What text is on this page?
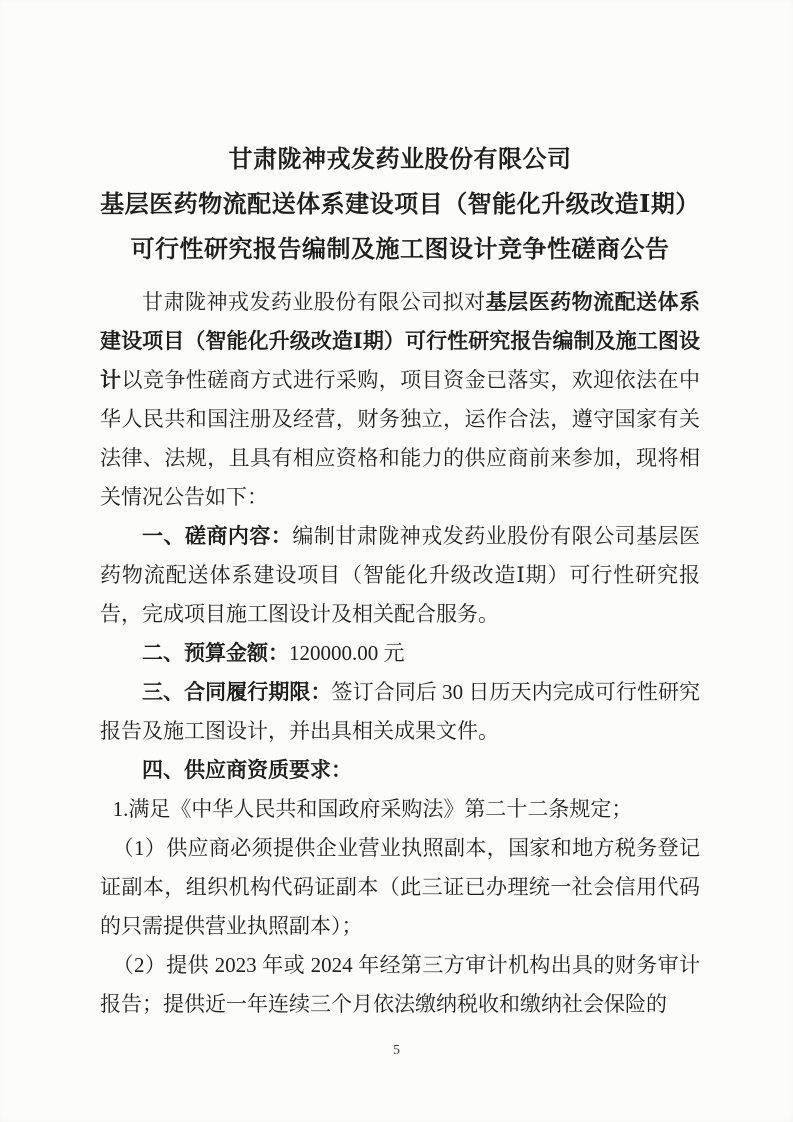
甘肃陇神戎发药业股份有限公司
基层医药物流配送体系建设项目（智能化升级改造Ⅰ期）
可行性研究报告编制及施工图设计竞争性磋商公告

甘肃陇神戎发药业股份有限公司拟对基层医药物流配送体系建设项目（智能化升级改造Ⅰ期）可行性研究报告编制及施工图设计以竞争性磋商方式进行采购，项目资金已落实，欢迎依法在中华人民共和国注册及经营，财务独立，运作合法，遵守国家有关法律、法规，且具有相应资格和能力的供应商前来参加，现将相关情况公告如下：

一、磋商内容：编制甘肃陇神戎发药业股份有限公司基层医药物流配送体系建设项目（智能化升级改造Ⅰ期）可行性研究报告，完成项目施工图设计及相关配合服务。

二、预算金额：120000.00 元

三、合同履行期限：签订合同后 30 日历天内完成可行性研究报告及施工图设计，并出具相关成果文件。

四、供应商资质要求：

1.满足《中华人民共和国政府采购法》第二十二条规定；

（1）供应商必须提供企业营业执照副本，国家和地方税务登记证副本，组织机构代码证副本（此三证已办理统一社会信用代码的只需提供营业执照副本）；

（2）提供 2023 年或 2024 年经第三方审计机构出具的财务审计报告；提供近一年连续三个月依法缴纳税收和缴纳社会保险的

5
